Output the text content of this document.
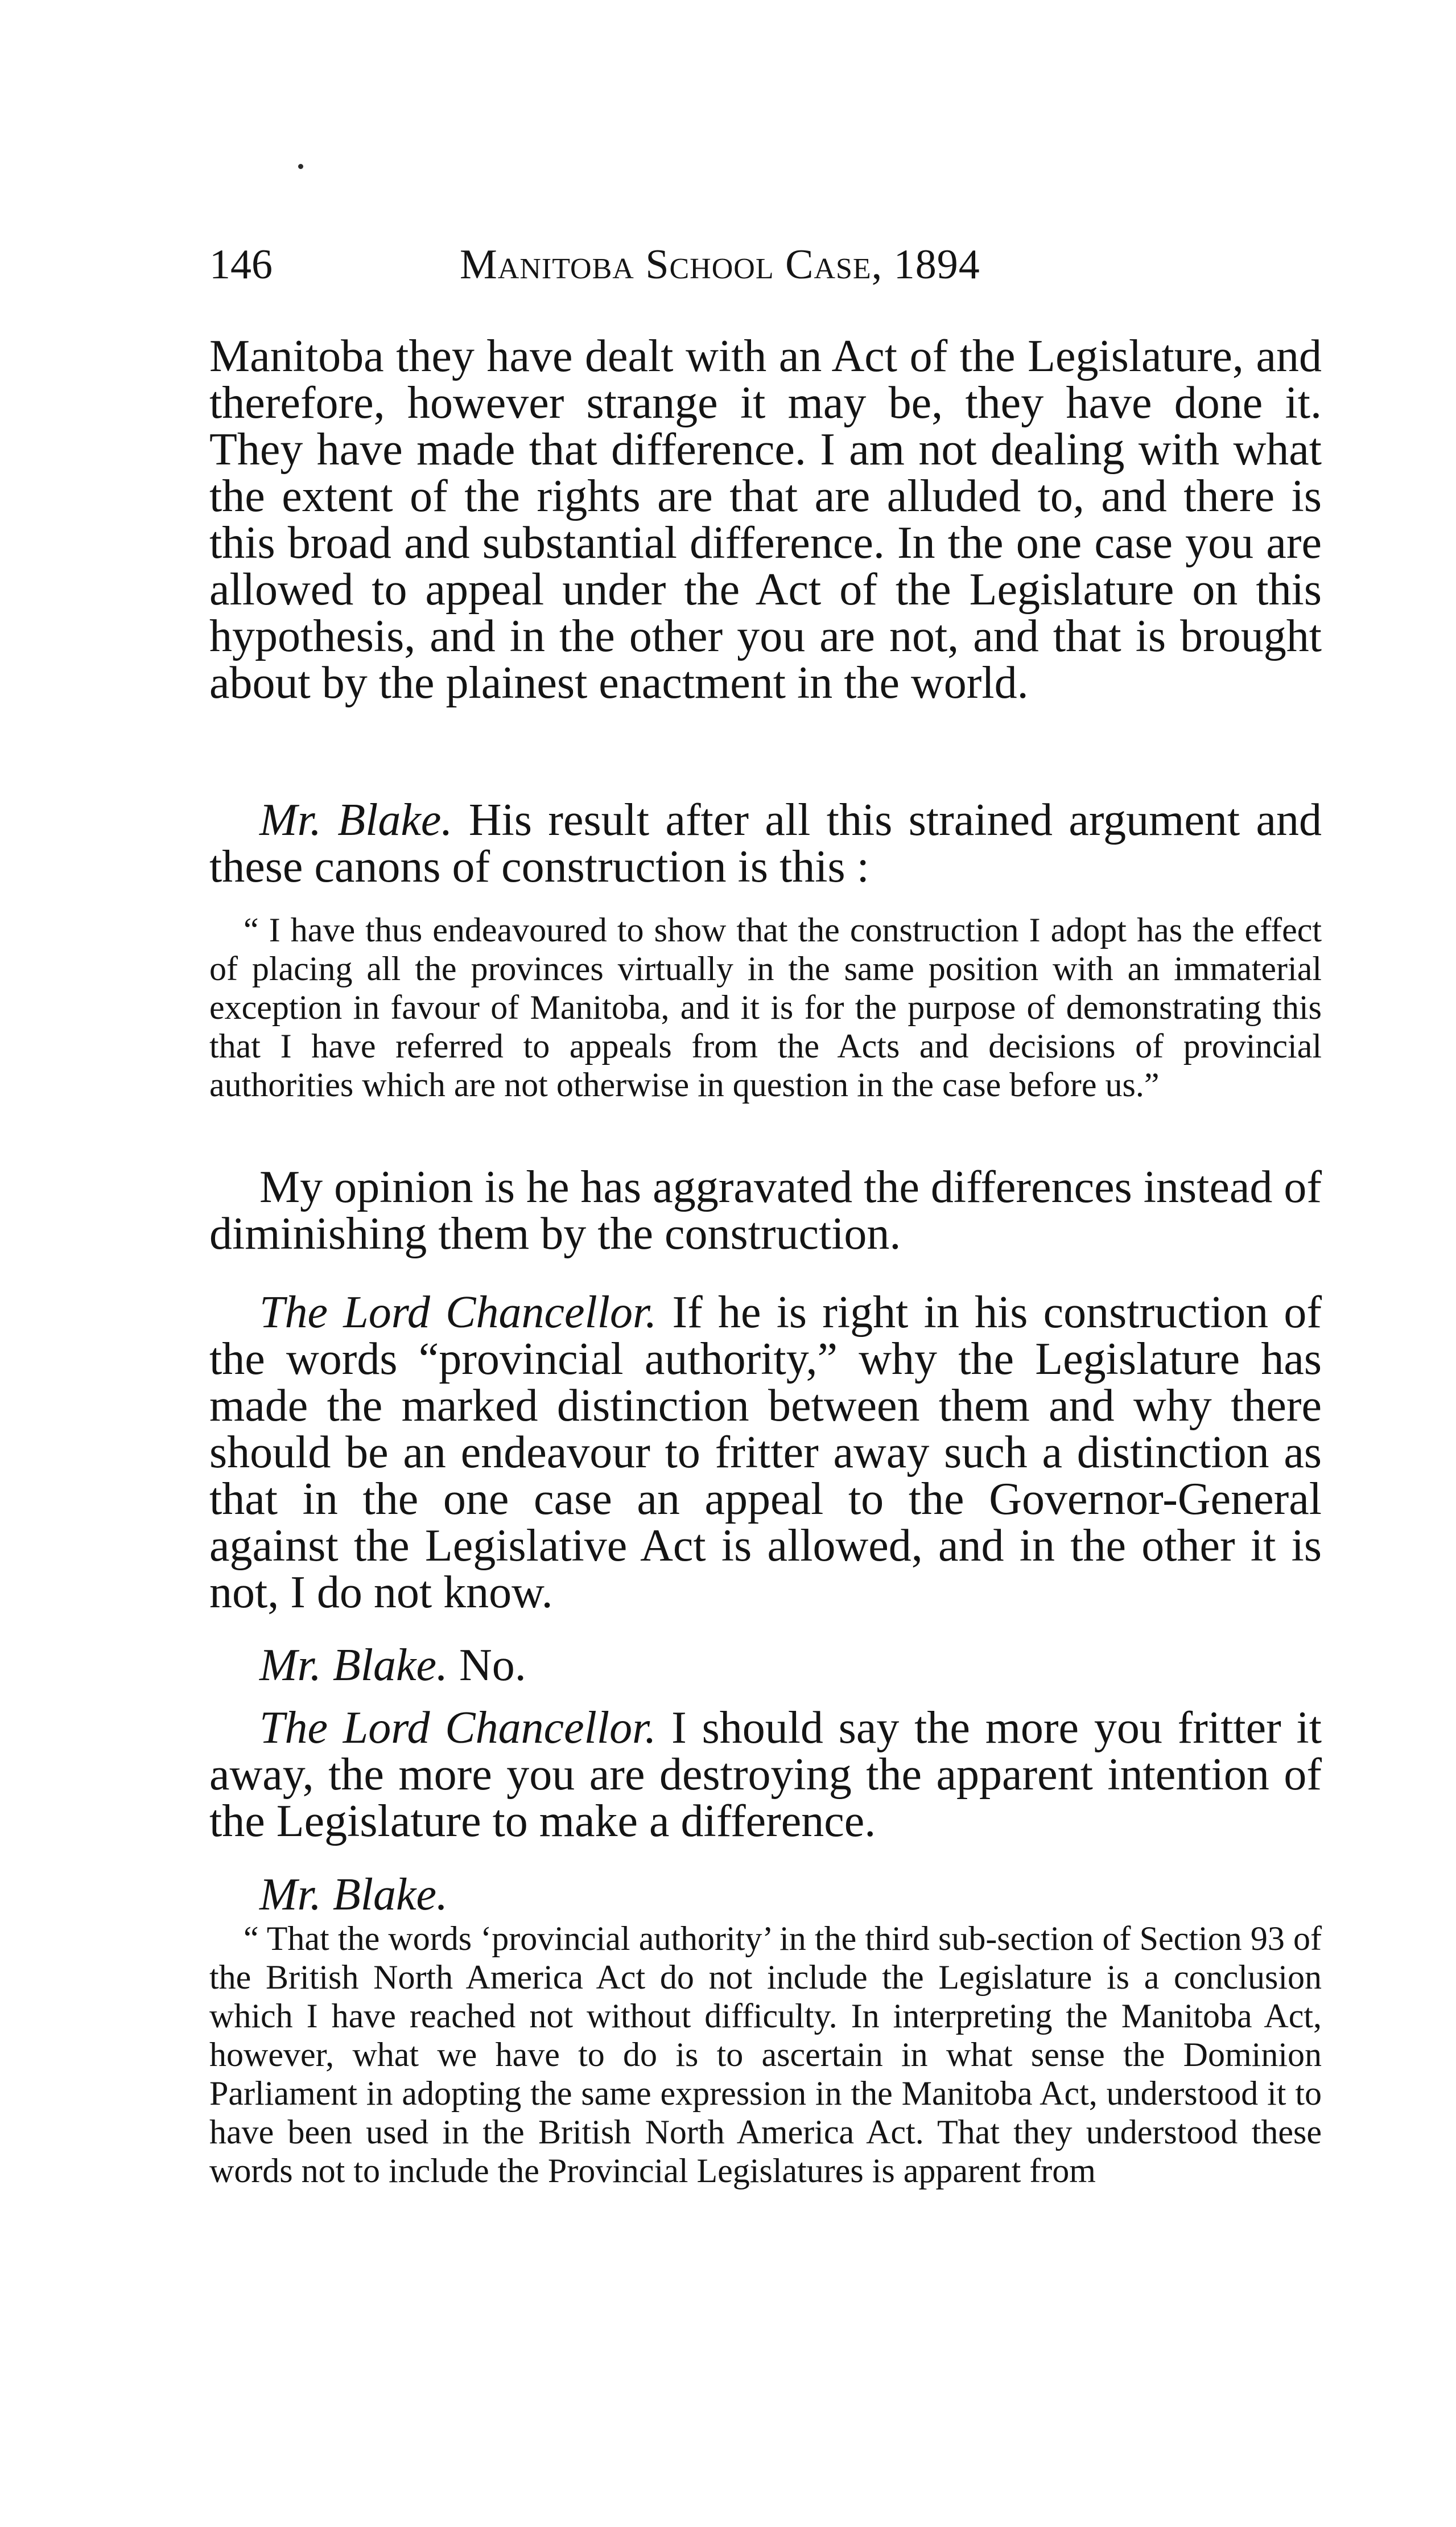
146	Manitoba School Case, 1894

Manitoba they have dealt with an Act of the Legislature, and therefore, however strange it may be, they have done it. They have made that difference. I am not dealing with what the extent of the rights are that are alluded to, and there is this broad and substantial difference. In the one case you are allowed to appeal under the Act of the Legislature on this hypothesis, and in the other you are not, and that is brought about by the plainest enactment in the world.

Mr. Blake. His result after all this strained argument and these canons of construction is this :

“ I have thus endeavoured to show that the construction I adopt has the effect of placing all the provinces virtually in the same position with an immaterial exception in favour of Manitoba, and it is for the purpose of demonstrating this that I have referred to appeals from the Acts and decisions of provincial authorities which are not otherwise in question in the case before us.”

My opinion is he has aggravated the differences instead of diminishing them by the construction.

The Lord Chancellor. If he is right in his construction of the words “provincial authority,” why the Legislature has made the marked distinction between them and why there should be an endeavour to fritter away such a distinction as that in the one case an appeal to the Governor-General against the Legislative Act is allowed, and in the other it is not, I do not know.

Mr. Blake. No.

The Lord Chancellor. I should say the more you fritter it away, the more you are destroying the apparent intention of the Legislature to make a difference.

Mr. Blake.

“ That the words ‘provincial authority’ in the third sub-section of Section 93 of the British North America Act do not include the Legislature is a conclusion which I have reached not without difficulty. In interpreting the Manitoba Act, however, what we have to do is to ascertain in what sense the Dominion Parliament in adopting the same expression in the Manitoba Act, understood it to have been used in the British North America Act. That they understood these words not to include the Provincial Legislatures is apparent from
